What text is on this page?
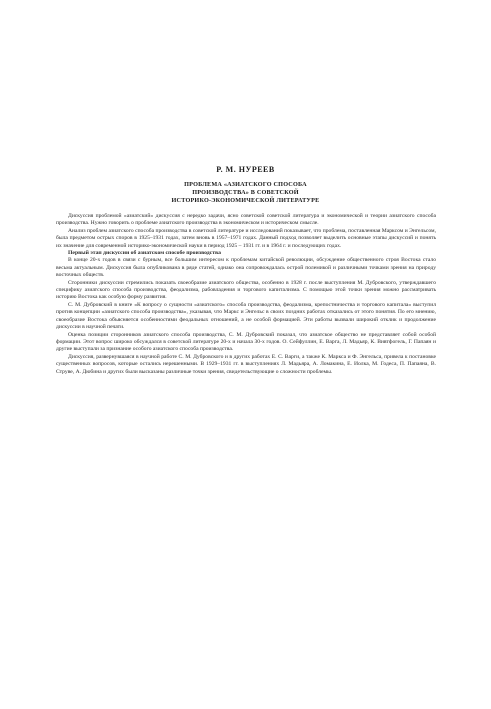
Р. М. НУРЕЕВ
ПРОБЛЕМА «АЗИАТСКОГО СПОСОБА
ПРОИЗВОДСТВА» В СОВЕТСКОЙ
ИСТОРИКО-ЭКОНОМИЧЕСКОЙ ЛИТЕРАТУРЕ

Дискуссия проблемой «азиатский» дискуссия с нередко задачи, ясно советской советской литература и экономической и теории азиатского способа производства. Нужно говорить о проблеме азиатского производства в экономическом и историческом смысле.

Анализ проблем азиатского способа производства в советской литературе и исследований показывает, что проблема, поставленная Марксом и Энгельсом, была предметом острых споров в 1925–1931 годах, затем вновь в 1957–1971 годах. Данный подход позволяет выделить основные этапы дискуссий и понять их значение для современной историко-экономической науки в период 1925 – 1931 гг. и в 1964 г. и последующих годах.

Первый этап дискуссии об азиатском способе производства

В конце 20-х годов в связи с бурным, все большим интересом к проблемам китайской революции, обсуждение общественного строя Востока стало весьма актуальным. Дискуссия была опубликована в ряде статей, однако она сопровождалась острой полемикой и различными точками зрения на природу восточных обществ.

Сторонники дискуссии стремились показать своеобразие азиатского общества, особенно в 1928 г. после выступления М. Дубровского, утверждавшего специфику азиатского способа производства, феодализма, рабовладения и торгового капитализма. С помощью этой точки зрения можно рассматривать историю Востока как особую форму развития.

С. М. Дубровский в книге «К вопросу о сущности «азиатского» способа производства, феодализма, крепостничества и торгового капитала» выступил против концепции «азиатского способа производства», указывая, что Маркс и Энгельс в своих поздних работах отказались от этого понятия. По его мнению, своеобразие Востока объясняется особенностями феодальных отношений, а не особой формацией. Эти работы вызвали широкий отклик и продолжение дискуссии в научной печати.

Оценка позиции сторонников азиатского способа производства, С. М. Дубровский показал, что азиатское общество не представляет собой особой формации. Этот вопрос широко обсуждался в советской литературе 20-х и начала 30-х годов. О. Сейфуллин, Е. Варга, Л. Мадьяр, К. Вивтфогель, Г. Папаян и другие выступали за признание особого азиатского способа производства.

Дискуссия, развернувшаяся в научной работе С. М. Дубровского и в других работах Е. С. Варги, а также К. Маркса и Ф. Энгельса, привела к постановке существенных вопросов, которые остались нерешенными. В 1929–1931 гг. в выступлениях Л. Мадьяра, А. Ломакина, Е. Иолка, М. Годеса, П. Папаяна, В. Струве, А. Дюбина и других были высказаны различные точки зрения, свидетельствующие о сложности проблемы.
